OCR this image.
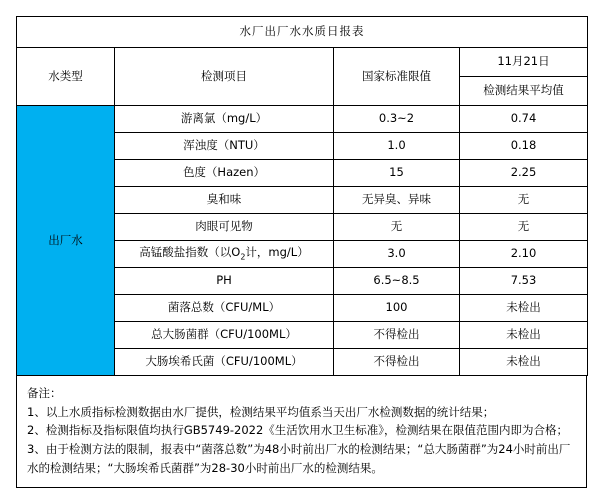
水厂出厂水水质日报表			
水类型	检测项目	国家标准限值	11月21日
			检测结果平均值
出厂水	游离氯（mg/L）	0.3~2	0.74
	浑浊度（NTU）	1.0	0.18
	色度（Hazen）	15	2.25
	臭和味	无异臭、异味	无
	肉眼可见物	无	无
	高锰酸盐指数（以$O_2$计，mg/L）	3.0	2.10
	PH	6.5~8.5	7.53
	菌落总数（CFU/ML）	100	未检出
	总大肠菌群（CFU/100ML）	不得检出	未检出
	大肠埃希氏菌（CFU/100ML）	不得检出	未检出

备注：

1、以上水质指标检测数据由水厂提供，检测结果平均值系当天出厂水检测数据的统计结果；

2、检测指标及指标限值均执行GB5749-2022《生活饮用水卫生标准》，检测结果在限值范围内即为合格；

3、由于检测方法的限制，报表中“菌落总数”为48小时前出厂水的检测结果；“总大肠菌群”为24小时前出厂水的检测结果；“大肠埃希氏菌群”为28-30小时前出厂水的检测结果。
